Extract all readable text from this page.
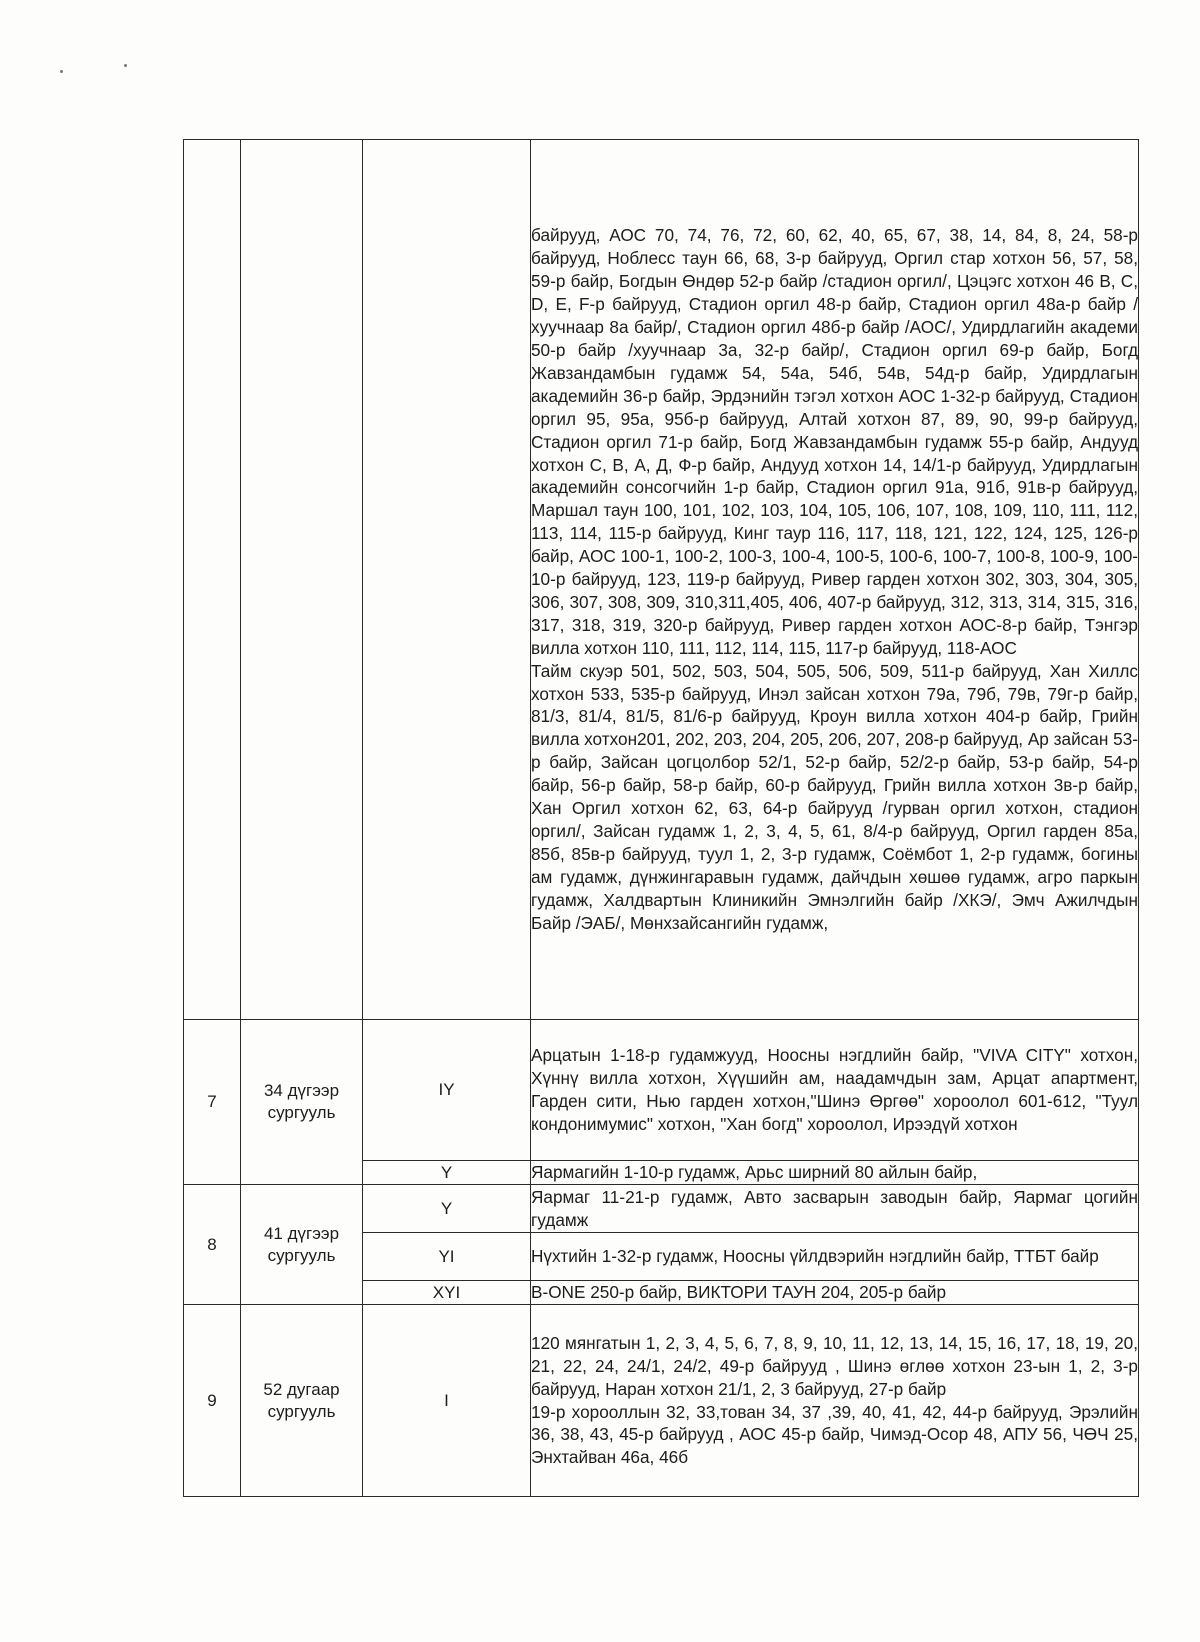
			байрууд, АОС 70, 74, 76, 72, 60, 62, 40, 65, 67, 38, 14, 84, 8, 24, 58-р байрууд, Ноблесс таун 66, 68, 3-р байрууд, Оргил стар хотхон 56, 57, 58, 59-р байр, Богдын Өндөр 52-р байр /стадион оргил/, Цэцэгс хотхон 46 В, С, D, Е, F-р байрууд, Стадион оргил 48-р байр, Стадион оргил 48а-р байр /хуучнаар 8а байр/, Стадион оргил 48б-р байр /АОС/, Удирдлагийн академи 50-р байр /хуучнаар 3а, 32-р байр/, Стадион оргил 69-р байр, Богд Жавзандамбын гудамж 54, 54а, 54б, 54в, 54д-р байр, Удирдлагын академийн 36-р байр, Эрдэнийн тэгэл хотхон АОС 1-32-р байрууд, Стадион оргил 95, 95а, 95б-р байрууд, Алтай хотхон 87, 89, 90, 99-р байрууд, Стадион оргил 71-р байр, Богд Жавзандамбын гудамж 55-р байр, Андууд хотхон С, В, А, Д, Ф-р байр, Андууд хотхон 14, 14/1-р байрууд, Удирдлагын академийн сонсогчийн 1-р байр, Стадион оргил 91а, 91б, 91в-р байрууд, Маршал таун 100, 101, 102, 103, 104, 105, 106, 107, 108, 109, 110, 111, 112, 113, 114, 115-р байрууд, Кинг таур 116, 117, 118, 121, 122, 124, 125, 126-р байр, АОС 100-1, 100-2, 100-3, 100-4, 100-5, 100-6, 100-7, 100-8, 100-9, 100-10-р байрууд, 123, 119-р байрууд, Ривер гарден хотхон 302, 303, 304, 305, 306, 307, 308, 309, 310,311,405, 406, 407-р байрууд, 312, 313, 314, 315, 316, 317, 318, 319, 320-р байрууд, Ривер гарден хотхон АОС-8-р байр, Тэнгэр вилла хотхон 110, 111, 112, 114, 115, 117-р байрууд, 118-АОС
Тайм скуэр 501, 502, 503, 504, 505, 506, 509, 511-р байрууд, Хан Хиллс хотхон 533, 535-р байрууд, Инэл зайсан хотхон 79а, 79б, 79в, 79г-р байр, 81/3, 81/4, 81/5, 81/6-р байрууд, Кроун вилла хотхон 404-р байр, Грийн вилла хотхон201, 202, 203, 204, 205, 206, 207, 208-р байрууд, Ар зайсан 53-р байр, Зайсан цогцолбор 52/1, 52-р байр, 52/2-р байр, 53-р байр, 54-р байр, 56-р байр, 58-р байр, 60-р байрууд, Грийн вилла хотхон 3в-р байр, Хан Оргил хотхон 62, 63, 64-р байрууд /гурван оргил хотхон, стадион оргил/, Зайсан гудамж 1, 2, 3, 4, 5, 61, 8/4-р байрууд, Оргил гарден 85а, 85б, 85в-р байрууд, туул 1, 2, 3-р гудамж, Соёмбот 1, 2-р гудамж, богины ам гудамж, дүнжингаравын гудамж, дайчдын хөшөө гудамж, агро паркын гудамж, Халдвартын Клиникийн Эмнэлгийн байр /ХКЭ/, Эмч Ажилчдын Байр /ЭАБ/, Мөнхзайсангийн гудамж,

7	34 дүгээр сургууль	IY	Арцатын 1-18-р гудамжууд, Ноосны нэгдлийн байр, "VIVA CITY" хотхон, Хүннү вилла хотхон, Хүүшийн ам, наадамчдын зам, Арцат апартмент, Гарден сити, Нью гарден хотхон,"Шинэ Өргөө" хороолол 601-612, "Туул кондонимумис" хотхон, "Хан богд" хороолол, Ирээдүй хотхон

		Y	Яармагийн 1-10-р гудамж, Арьс ширний 80 айлын байр,

8	41 дүгээр сургууль	Y	Яармаг 11-21-р гудамж, Авто засварын заводын байр, Яармаг цогийн гудамж

		YI	Нүхтийн 1-32-р гудамж, Ноосны үйлдвэрийн нэгдлийн байр, ТТБТ байр

		XYI	B-ONE 250-р байр, ВИКТОРИ ТАУН 204, 205-р байр

9	52 дугаар сургууль	I	120 мянгатын 1, 2, 3, 4, 5, 6, 7, 8, 9, 10, 11, 12, 13, 14, 15, 16, 17, 18, 19, 20, 21, 22, 24, 24/1, 24/2, 49-р байрууд , Шинэ өглөө хотхон 23-ын 1, 2, 3-р байрууд, Наран хотхон 21/1, 2, 3 байрууд, 27-р байр
19-р хорооллын 32, 33,тован 34, 37 ,39, 40, 41, 42, 44-р байрууд, Эрэлийн 36, 38, 43, 45-р байрууд , АОС 45-р байр, Чимэд-Осор 48, АПУ 56, ЧӨЧ 25, Энхтайван 46а, 46б
